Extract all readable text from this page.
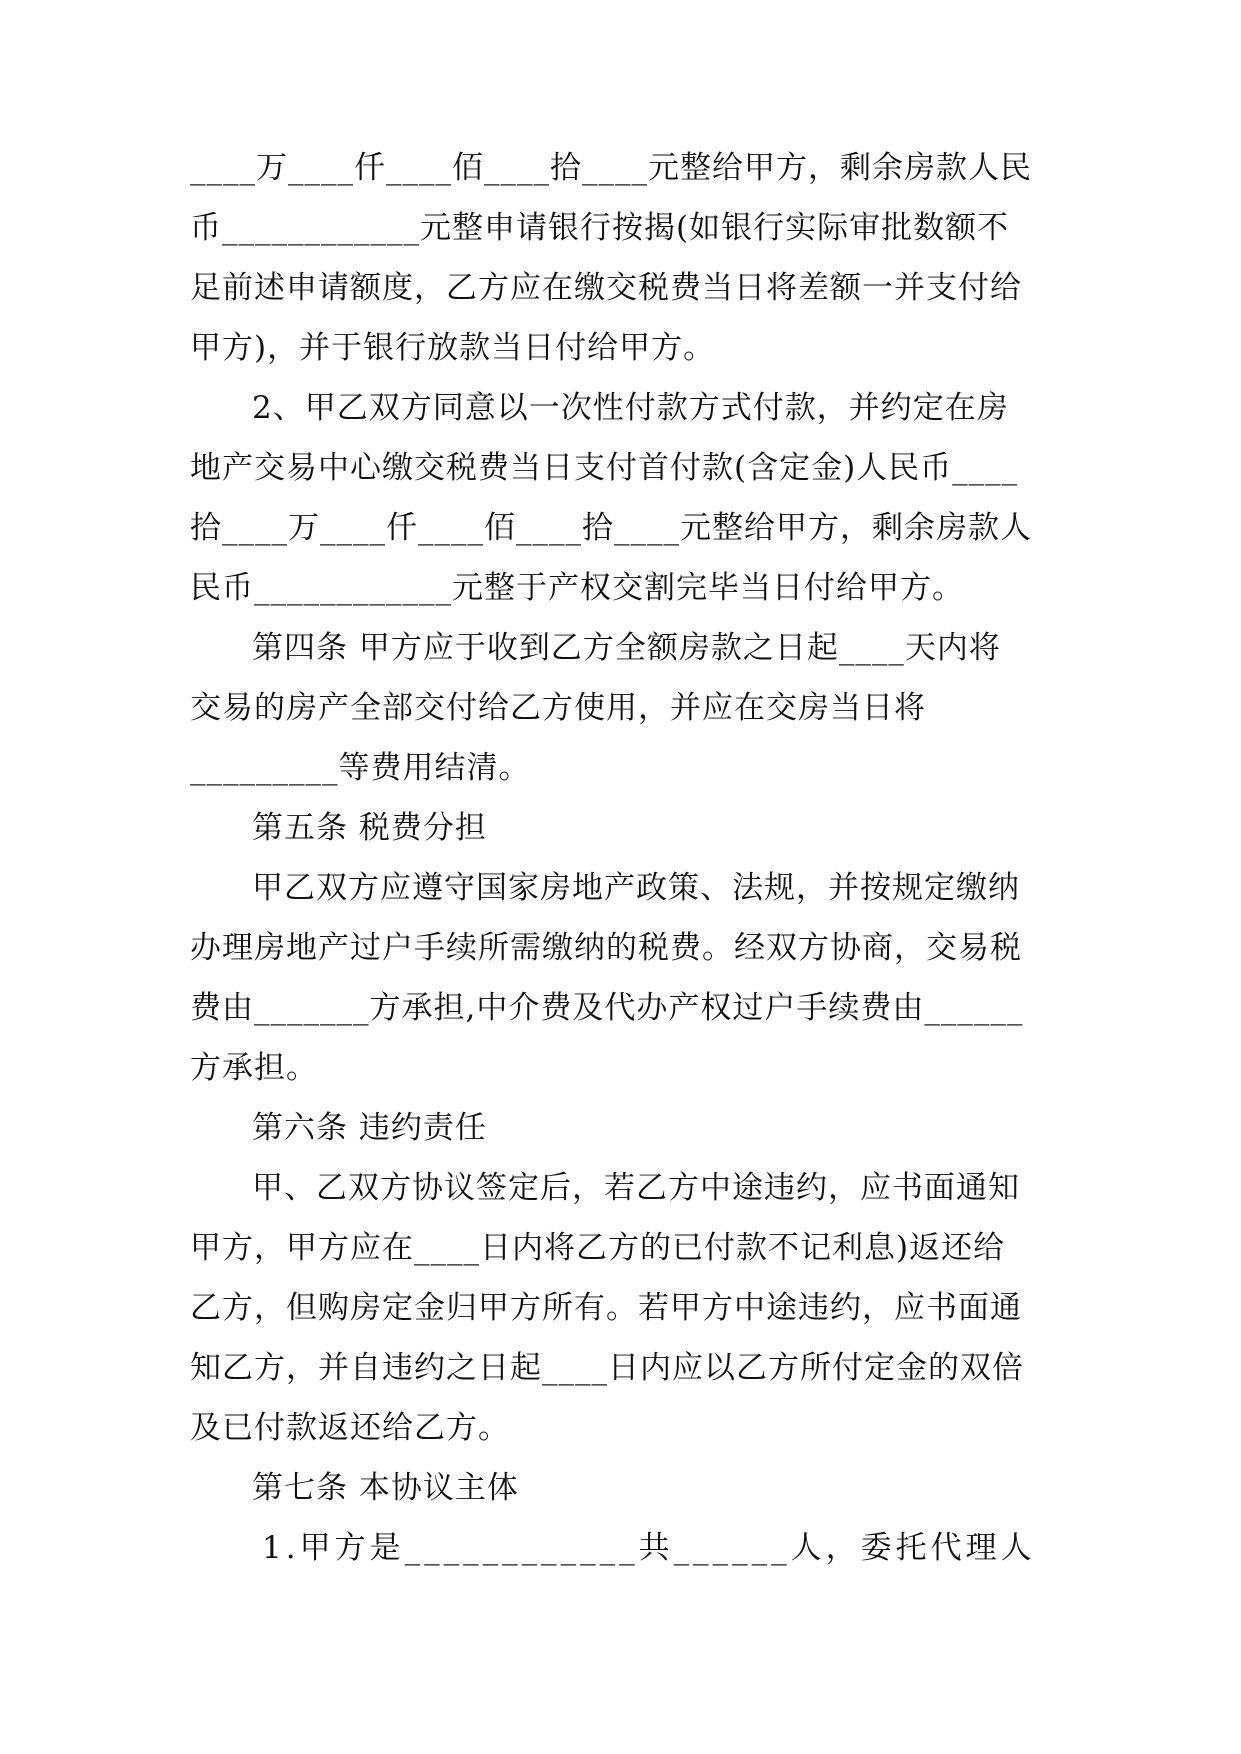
____万____仟____佰____拾____元整给甲方，剩余房款人民
币____________元整申请银行按揭(如银行实际审批数额不
足前述申请额度，乙方应在缴交税费当日将差额一并支付给
甲方)，并于银行放款当日付给甲方。
2、甲乙双方同意以一次性付款方式付款，并约定在房
地产交易中心缴交税费当日支付首付款(含定金)人民币____
拾____万____仟____佰____拾____元整给甲方，剩余房款人
民币____________元整于产权交割完毕当日付给甲方。
第四条 甲方应于收到乙方全额房款之日起____天内将
交易的房产全部交付给乙方使用，并应在交房当日将
_________等费用结清。
第五条 税费分担
甲乙双方应遵守国家房地产政策、法规，并按规定缴纳
办理房地产过户手续所需缴纳的税费。经双方协商，交易税
费由_______方承担,中介费及代办产权过户手续费由______
方承担。
第六条 违约责任
甲、乙双方协议签定后，若乙方中途违约，应书面通知
甲方，甲方应在____日内将乙方的已付款不记利息)返还给
乙方，但购房定金归甲方所有。若甲方中途违约，应书面通
知乙方，并自违约之日起____日内应以乙方所付定金的双倍
及已付款返还给乙方。
第七条 本协议主体
1.甲方是____________共______人，委托代理人
